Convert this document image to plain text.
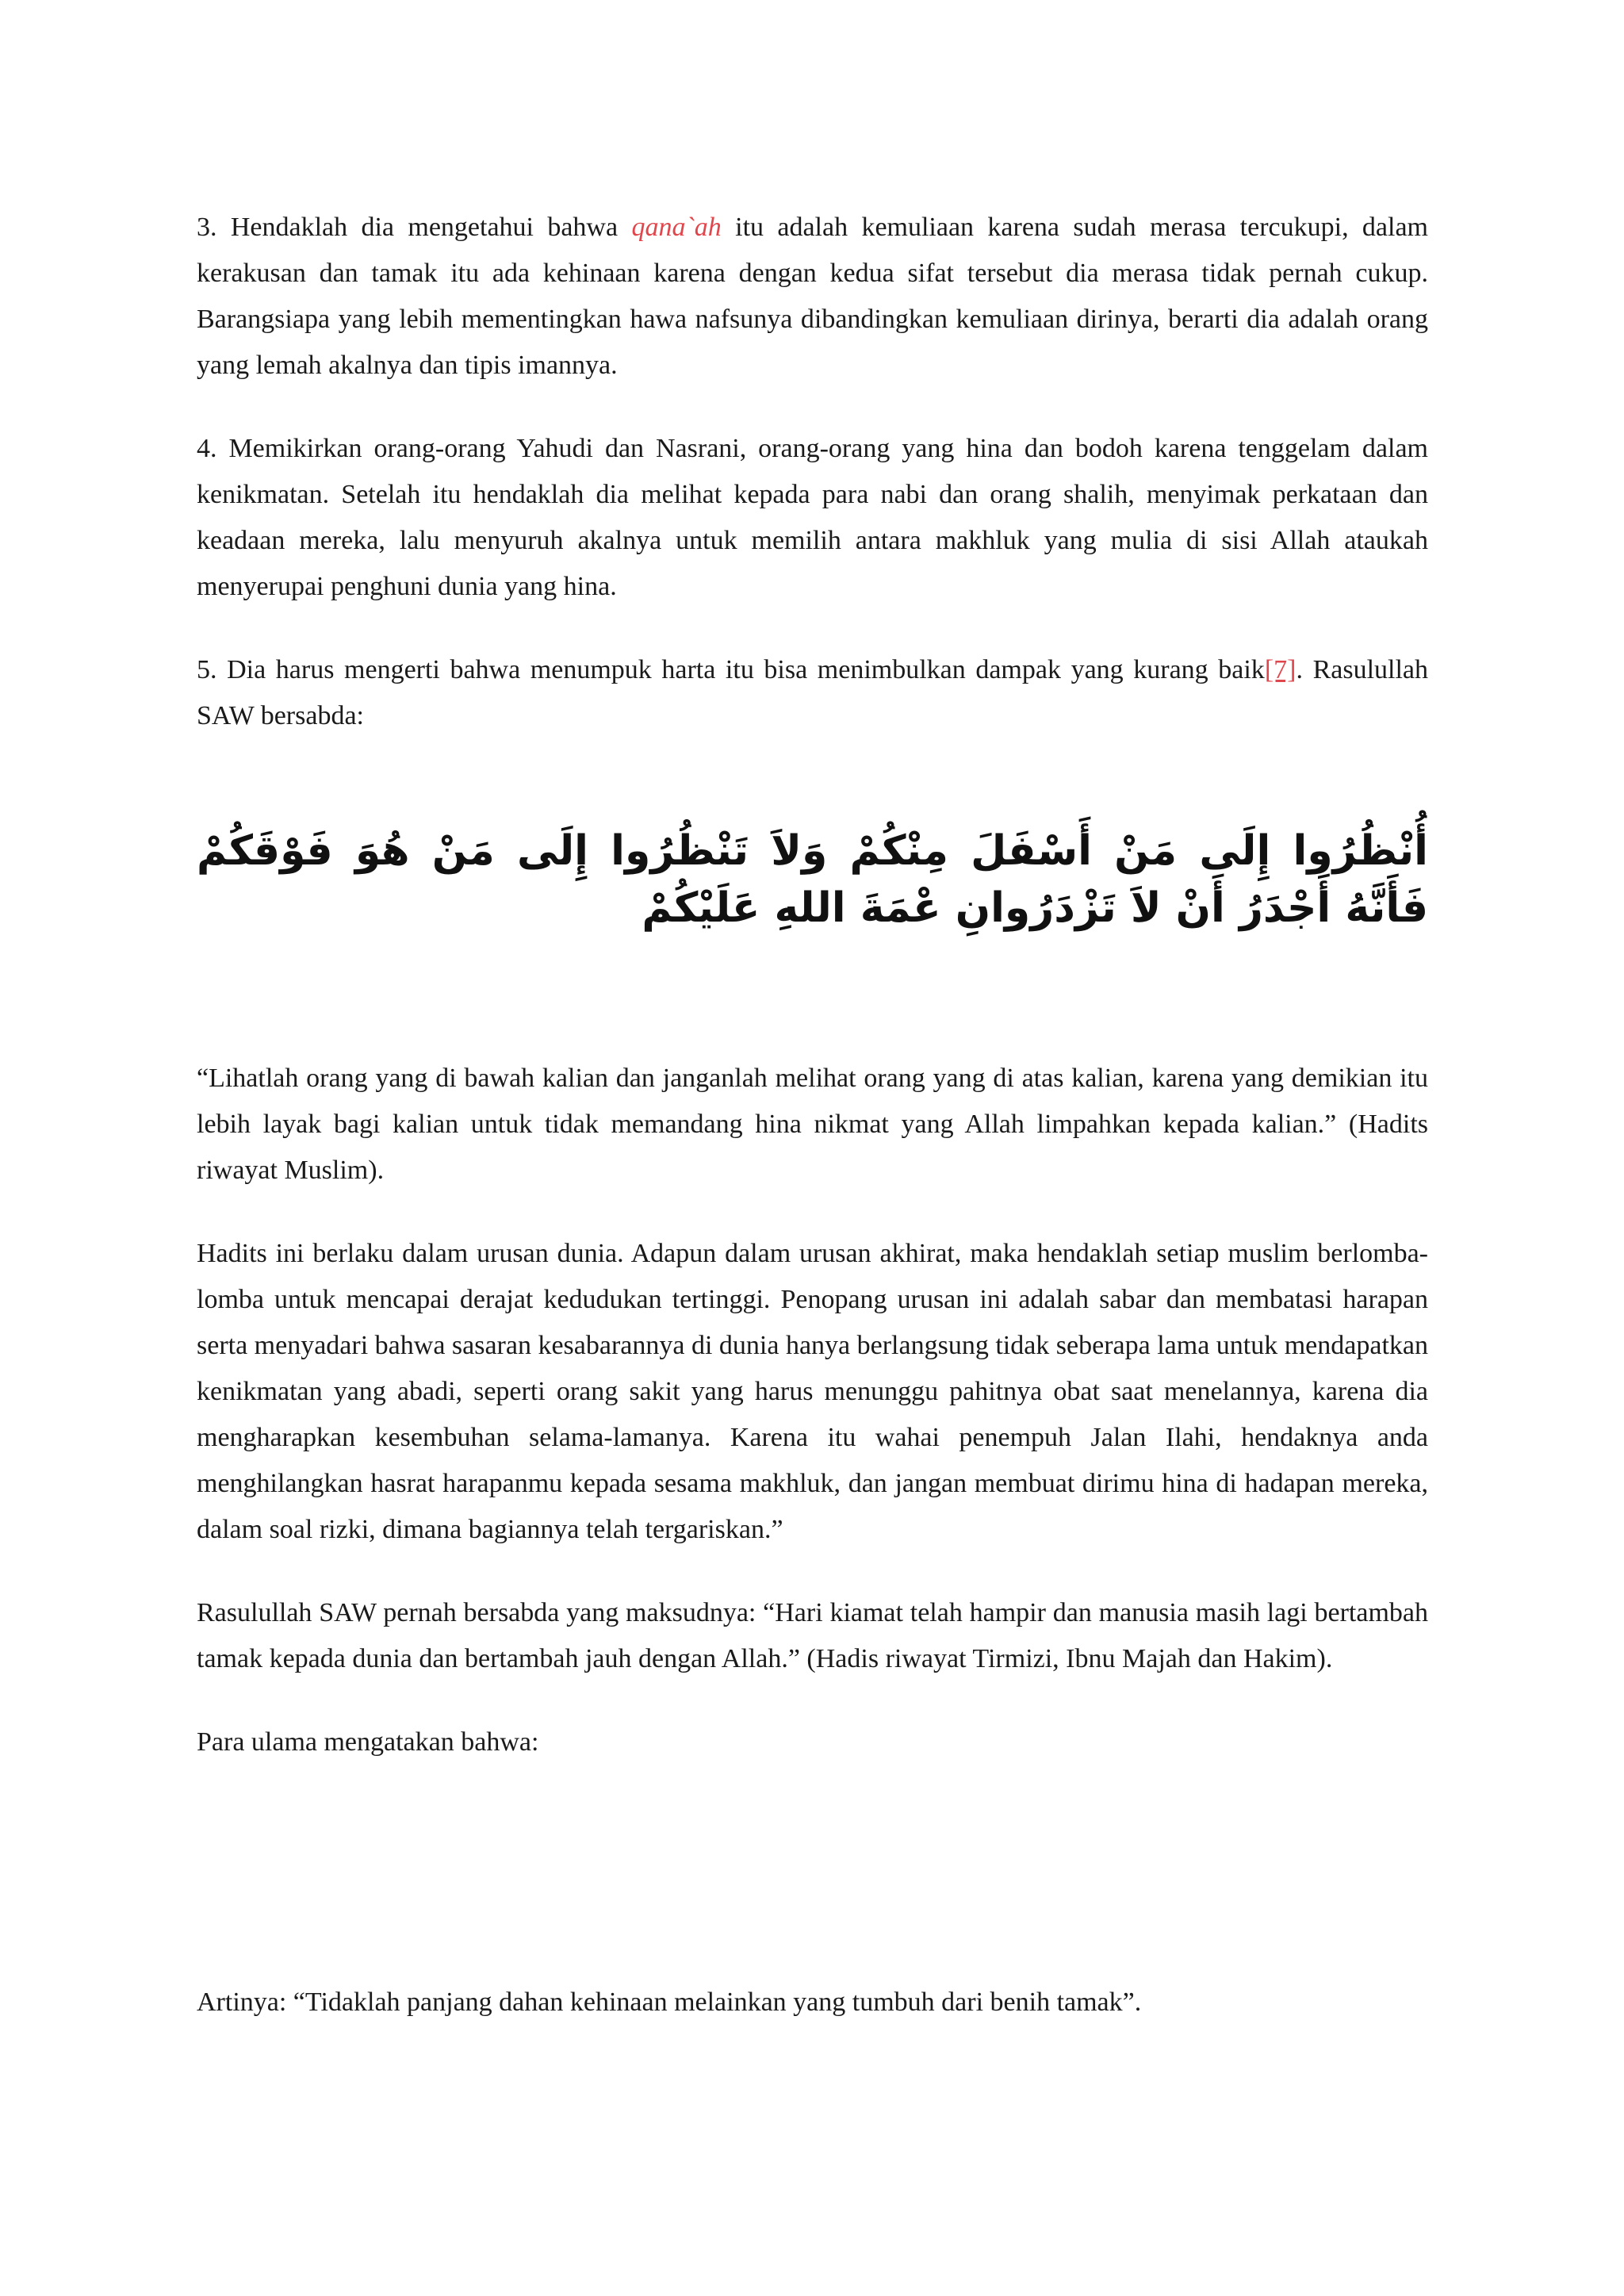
3. Hendaklah dia mengetahui bahwa qana`ah itu adalah kemuliaan karena sudah merasa tercukupi, dalam kerakusan dan tamak itu ada kehinaan karena dengan kedua sifat tersebut dia merasa tidak pernah cukup. Barangsiapa yang lebih mementingkan hawa nafsunya dibandingkan kemuliaan dirinya, berarti dia adalah orang yang lemah akalnya dan tipis imannya.

4. Memikirkan orang-orang Yahudi dan Nasrani, orang-orang yang hina dan bodoh karena tenggelam dalam kenikmatan. Setelah itu hendaklah dia melihat kepada para nabi dan orang shalih, menyimak perkataan dan keadaan mereka, lalu menyuruh akalnya untuk memilih antara makhluk yang mulia di sisi Allah ataukah menyerupai penghuni dunia yang hina.

5. Dia harus mengerti bahwa menumpuk harta itu bisa menimbulkan dampak yang kurang baik[7]. Rasulullah SAW bersabda:

أُنْظُرُوا إِلَى مَنْ أَسْفَلَ مِنْكُمْ وَلاَ تَنْظُرُوا إِلَى مَنْ هُوَ فَوْقَكُمْ فَأَنَّهُ أَجْدَرُ أَنْ لاَ تَزْدَرُوانِ عْمَةَ اللهِ عَلَيْكُمْ

“Lihatlah orang yang di bawah kalian dan janganlah melihat orang yang di atas kalian, karena yang demikian itu lebih layak bagi kalian untuk tidak memandang hina nikmat yang Allah limpahkan kepada kalian.” (Hadits riwayat Muslim).

Hadits ini berlaku dalam urusan dunia. Adapun dalam urusan akhirat, maka hendaklah setiap muslim berlomba-lomba untuk mencapai derajat kedudukan tertinggi. Penopang urusan ini adalah sabar dan membatasi harapan serta menyadari bahwa sasaran kesabarannya di dunia hanya berlangsung tidak seberapa lama untuk mendapatkan kenikmatan yang abadi, seperti orang sakit yang harus menunggu pahitnya obat saat menelannya, karena dia mengharapkan kesembuhan selama-lamanya. Karena itu wahai penempuh Jalan Ilahi, hendaknya anda menghilangkan hasrat harapanmu kepada sesama makhluk, dan jangan membuat dirimu hina di hadapan mereka, dalam soal rizki, dimana bagiannya telah tergariskan.”

Rasulullah SAW pernah bersabda yang maksudnya: “Hari kiamat telah hampir dan manusia masih lagi bertambah tamak kepada dunia dan bertambah jauh dengan Allah.” (Hadis riwayat Tirmizi, Ibnu Majah dan Hakim).

Para ulama mengatakan bahwa:

Artinya: “Tidaklah panjang dahan kehinaan melainkan yang tumbuh dari benih tamak”.
